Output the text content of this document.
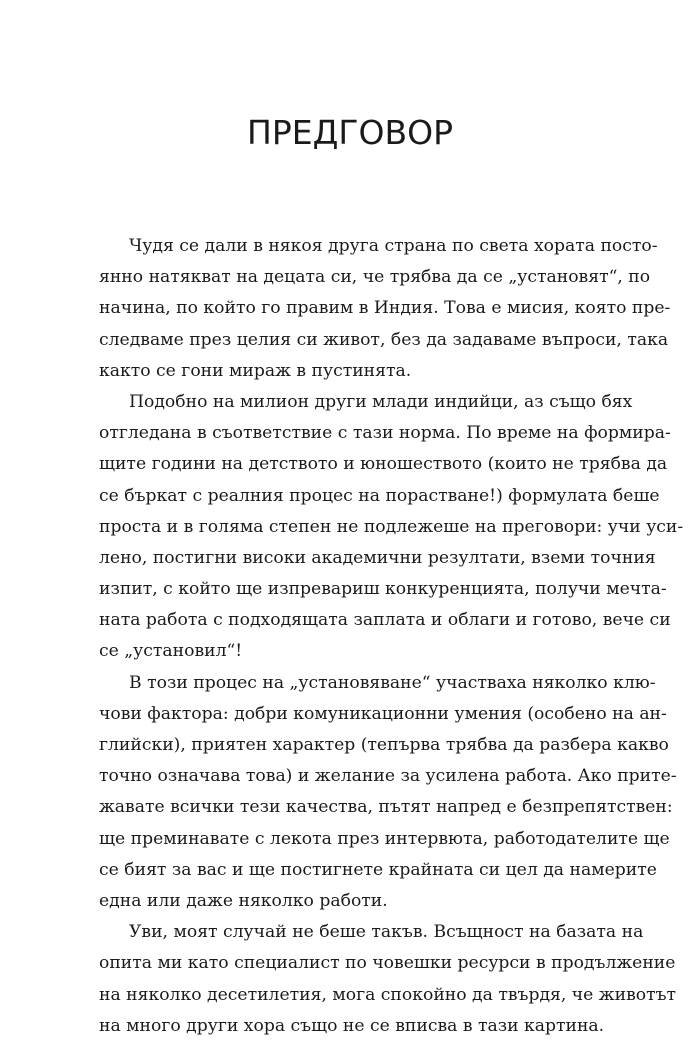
ПРЕДГОВОР
Чудя се дали в някоя друга страна по света хората посто-
янно натякват на децата си, че трябва да се „установят“, по
начина, по който го правим в Индия. Това е мисия, която пре-
следваме през целия си живот, без да задаваме въпроси, така
както се гони мираж в пустинята.
Подобно на милион други млади индийци, аз също бях
отгледана в съответствие с тази норма. По време на формира-
щите години на детството и юношеството (които не трябва да
се бъркат с реалния процес на порастване!) формулата беше
проста и в голяма степен не подлежеше на преговори: учи уси-
лено, постигни високи академични резултати, вземи точния
изпит, с който ще изпревариш конкуренцията, получи мечта-
ната работа с подходящата заплата и облаги и готово, вече си
се „установил“!
В този процес на „установяване“ участваха няколко клю-
чови фактора: добри комуникационни умения (особено на ан-
глийски), приятен характер (тепърва трябва да разбера какво
точно означава това) и желание за усилена работа. Ако прите-
жавате всички тези качества, пътят напред е безпрепятствен:
ще преминавате с лекота през интервюта, работодателите ще
се бият за вас и ще постигнете крайната си цел да намерите
една или даже няколко работи.
Уви, моят случай не беше такъв. Всъщност на базата на
опита ми като специалист по човешки ресурси в продължение
на няколко десетилетия, мога спокойно да твърдя, че животът
на много други хора също не се вписва в тази картина.
